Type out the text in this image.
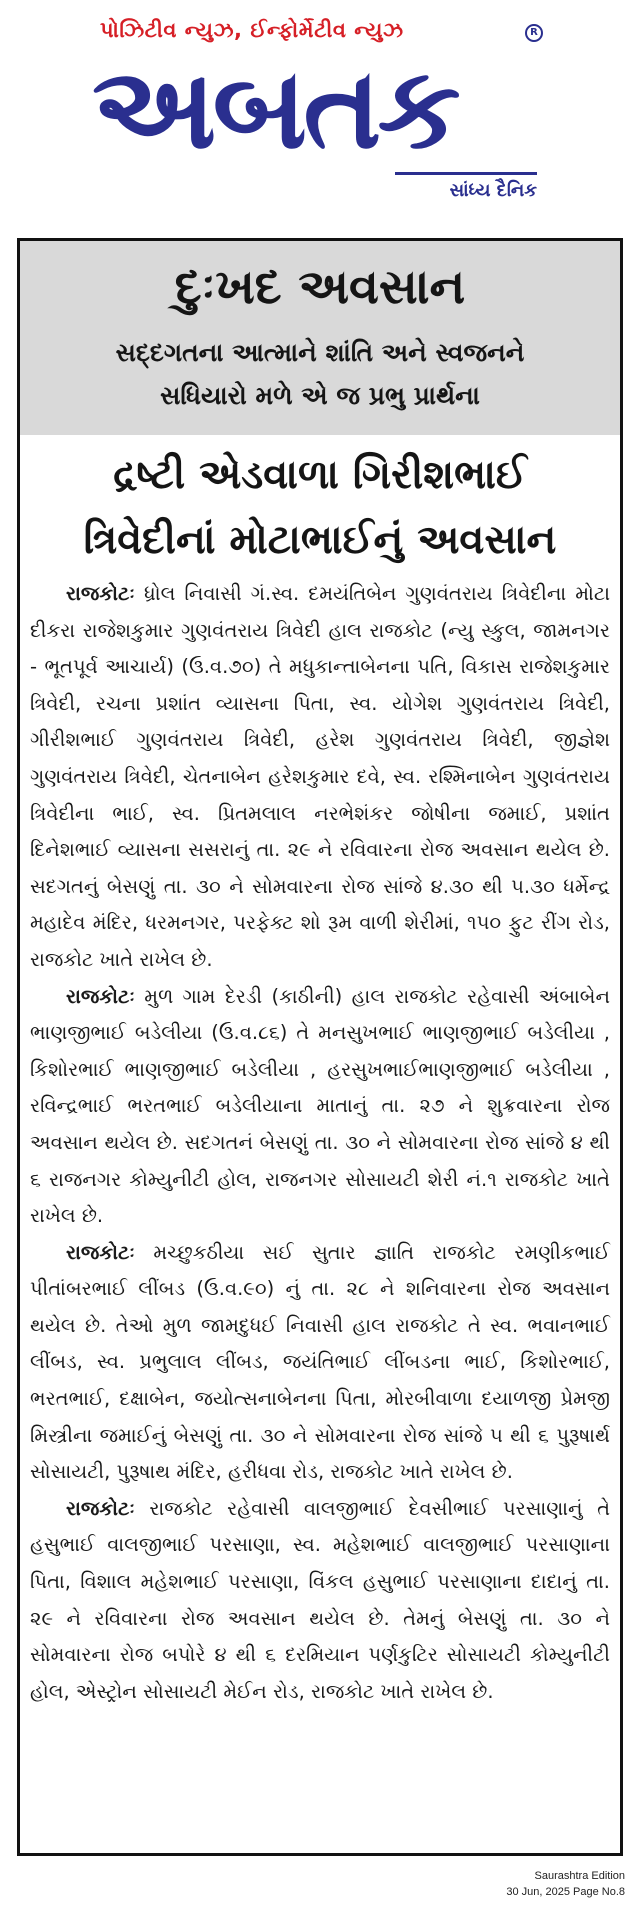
પોઝિટીવ ન્યુઝ, ઈન્ફોર્મેટીવ ન્યુઝ	R
અબતક
સાંધ્ય દૈનિક
દુઃખદ અવસાન
સદ્દગતના આત્માને શાંતિ અને સ્વજનને
સધિયારો મળે એ જ પ્રભુ પ્રાર્થના
દ્રષ્ટી એડવાળા ગિરીશભાઈ
ત્રિવેદીનાં મોટાભાઈનું અવસાન

રાજકોટઃ ધ્રોલ નિવાસી ગં.સ્વ. દમયંતિબેન ગુણવંતરાય ત્રિવેદીના મોટા દીકરા રાજેશકુમાર ગુણવંતરાય ત્રિવેદી હાલ રાજકોટ (ન્યુ સ્કુલ, જામનગર - ભૂતપૂર્વ આચાર્ય) (ઉ.વ.૭૦) તે મધુકાન્તાબેનના પતિ, વિકાસ રાજેશકુમાર ત્રિવેદી, રચના પ્રશાંત વ્યાસના પિતા, સ્વ. યોગેશ ગુણવંતરાય ત્રિવેદી, ગીરીશભાઈ ગુણવંતરાય ત્રિવેદી, હરેશ ગુણવંતરાય ત્રિવેદી, જીજ્ઞેશ ગુણવંતરાય ત્રિવેદી, ચેતનાબેન હરેશકુમાર દવે, સ્વ. રશ્મિનાબેન ગુણવંતરાય ત્રિવેદીના ભાઈ, સ્વ. પ્રિતમલાલ નરભેશંકર જોષીના જમાઈ, પ્રશાંત દિનેશભાઈ વ્યાસના સસરાનું તા. ૨૯ ને રવિવારના રોજ અવસાન થયેલ છે. સદગતનું બેસણું તા. ૩૦ ને સોમવારના રોજ સાંજે ૪.૩૦ થી ૫.૩૦ ધર્મેન્દ્ર મહાદેવ મંદિર, ધરમનગર, પરફેક્ટ શો રૂમ વાળી શેરીમાં, ૧૫૦ ફુટ રીંગ રોડ, રાજકોટ ખાતે રાખેલ છે.

રાજકોટઃ મુળ ગામ દેરડી (કાઠીની) હાલ રાજકોટ રહેવાસી અંબાબેન ભાણજીભાઈ બડેલીયા (ઉ.વ.૮૬) તે મનસુખભાઈ ભાણજીભાઈ બડેલીયા , કિશોરભાઈ ભાણજીભાઈ બડેલીયા , હરસુખભાઈભાણજીભાઈ બડેલીયા , રવિન્દ્રભાઈ ભરતભાઈ બડેલીયાના માતાનું તા. ૨૭ ને શુક્રવારના રોજ અવસાન થયેલ છે. સદગતનં બેસણું તા. ૩૦ ને સોમવારના રોજ સાંજે ૪ થી ૬ રાજનગર કોમ્યુનીટી હોલ, રાજનગર સોસાયટી શેરી નં.૧ રાજકોટ ખાતે રાખેલ છે.

રાજકોટઃ મચ્છુકઠીયા સઈ સુતાર જ્ઞાતિ રાજકોટ રમણીકભાઈ પીતાંબરભાઈ લીંબડ (ઉ.વ.૯૦) નું તા. ૨૮ ને શનિવારના રોજ અવસાન થયેલ છે. તેઓ મુળ જામદુધઈ નિવાસી હાલ રાજકોટ તે સ્વ. ભવાનભાઈ લીંબડ, સ્વ. પ્રભુલાલ લીંબડ, જયંતિભાઈ લીંબડના ભાઈ, કિશોરભાઈ, ભરતભાઈ, દક્ષાબેન, જયોત્સનાબેનના પિતા, મોરબીવાળા દયાળજી પ્રેમજી મિસ્ત્રીના જમાઈનું બેસણું તા. ૩૦ ને સોમવારના રોજ સાંજે ૫ થી ૬ પુરૂષાર્થ સોસાયટી, પુરૂષાથ મંદિર, હરીધવા રોડ, રાજકોટ ખાતે રાખેલ છે.

રાજકોટઃ રાજકોટ રહેવાસી વાલજીભાઈ દેવસીભાઈ પરસાણાનું તે હસુભાઈ વાલજીભાઈ પરસાણા, સ્વ. મહેશભાઈ વાલજીભાઈ પરસાણાના પિતા, વિશાલ મહેશભાઈ પરસાણા, વિંકલ હસુભાઈ પરસાણાના દાદાનું તા. ૨૯ ને રવિવારના રોજ અવસાન થયેલ છે. તેમનું બેસણું તા. ૩૦ ને સોમવારના રોજ બપોરે ૪ થી ૬ દરમિયાન પર્ણકુટિર સોસાયટી કોમ્યુનીટી હોલ, એસ્ટ્રોન સોસાયટી મેઈન રોડ, રાજકોટ ખાતે રાખેલ છે.

Saurashtra Edition
30 Jun, 2025 Page No.8
